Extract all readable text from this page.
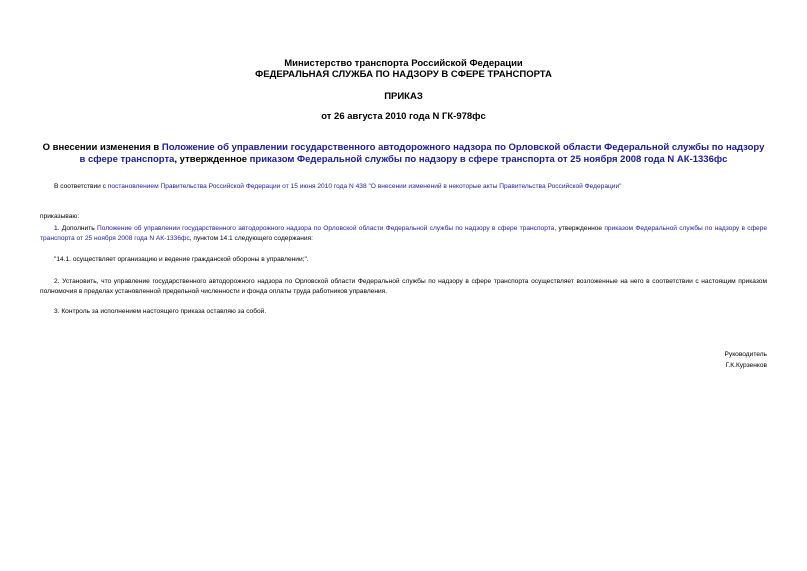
Министерство транспорта Российской Федерации
ФЕДЕРАЛЬНАЯ СЛУЖБА ПО НАДЗОРУ В СФЕРЕ ТРАНСПОРТА
ПРИКАЗ
от 26 августа 2010 года N ГК-978фс
О внесении изменения в Положение об управлении государственного автодорожного надзора по Орловской области Федеральной службы по надзору в сфере транспорта, утвержденное приказом Федеральной службы по надзору в сфере транспорта от 25 ноября 2008 года N АК-1336фс
В соответствии с постановлением Правительства Российской Федерации от 15 июня 2010 года N 438 "О внесении изменений в некоторые акты Правительства Российской Федерации"
приказываю:
1. Дополнить Положение об управлении государственного автодорожного надзора по Орловской области Федеральной службы по надзору в сфере транспорта, утвержденное приказом Федеральной службы по надзору в сфере транспорта от 25 ноября 2008 года N АК-1336фс, пунктом 14.1 следующего содержания:
"14.1. осуществляет организацию и ведение гражданской обороны в управлении;".
2. Установить, что управление государственного автодорожного надзора по Орловской области Федеральной службы по надзору в сфере транспорта осуществляет возложенные на него в соответствии с настоящим приказом полномочия в пределах установленной предельной численности и фонда оплаты труда работников управления.
3. Контроль за исполнением настоящего приказа оставляю за собой.
Руководитель
Г.К.Курзенков
